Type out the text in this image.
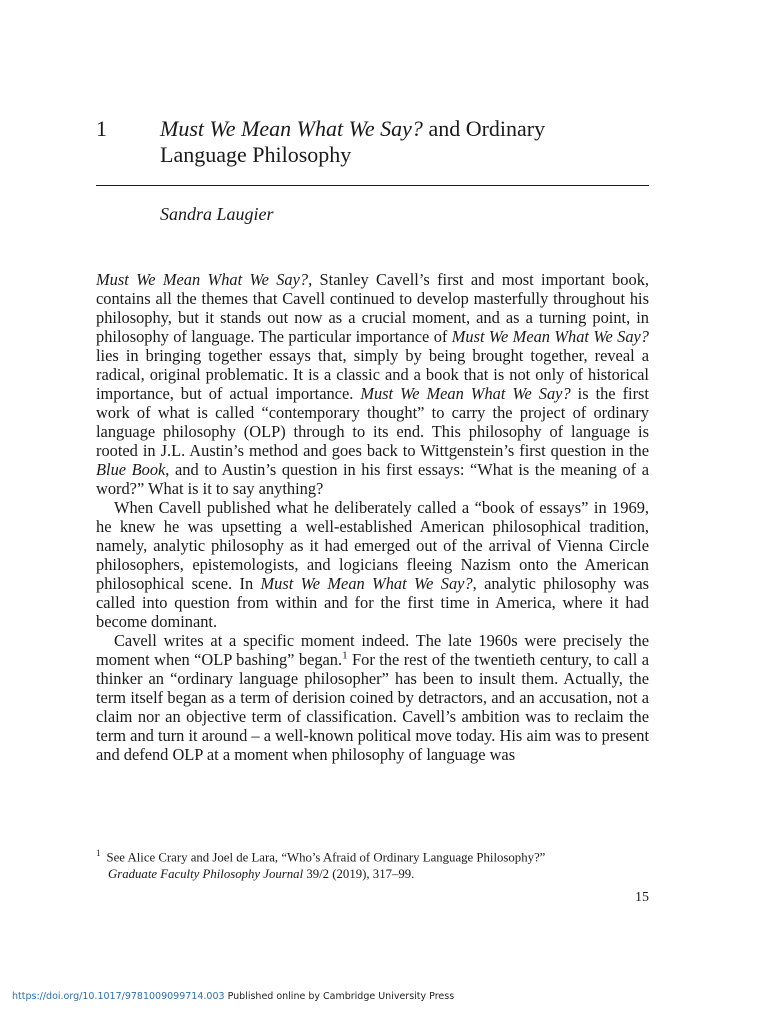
1 Must We Mean What We Say? and Ordinary
Language Philosophy
Sandra Laugier

Must We Mean What We Say?, Stanley Cavell’s first and most important book, contains all the themes that Cavell continued to develop masterfully throughout his philosophy, but it stands out now as a crucial moment, and as a turning point, in philosophy of language. The particular importance of Must We Mean What We Say? lies in bringing together essays that, simply by being brought together, reveal a radical, original problematic. It is a classic and a book that is not only of historical importance, but of actual importance. Must We Mean What We Say? is the first work of what is called “contemporary thought” to carry the project of ordinary language philosophy (OLP) through to its end. This philosophy of language is rooted in J.L. Austin’s method and goes back to Wittgenstein’s first question in the Blue Book, and to Austin’s question in his first essays: “What is the meaning of a word?” What is it to say anything?

When Cavell published what he deliberately called a “book of essays” in 1969, he knew he was upsetting a well-established American philosophical tradition, namely, analytic philosophy as it had emerged out of the arrival of Vienna Circle philosophers, epistemologists, and logicians fleeing Nazism onto the American philosophical scene. In Must We Mean What We Say?, analytic philosophy was called into question from within and for the first time in America, where it had become dominant.

Cavell writes at a specific moment indeed. The late 1960s were precisely the moment when “OLP bashing” began.$^1$ For the rest of the twentieth century, to call a thinker an “ordinary language philosopher” has been to insult them. Actually, the term itself began as a term of derision coined by detractors, and an accusation, not a claim nor an objective term of classification. Cavell’s ambition was to reclaim the term and turn it around – a well-known political move today. His aim was to present and defend OLP at a moment when philosophy of language was

$^1$ See Alice Crary and Joel de Lara, “Who’s Afraid of Ordinary Language Philosophy?”
Graduate Faculty Philosophy Journal 39/2 (2019), 317–99.
15
https://doi.org/10.1017/9781009099714.003 Published online by Cambridge University Press
